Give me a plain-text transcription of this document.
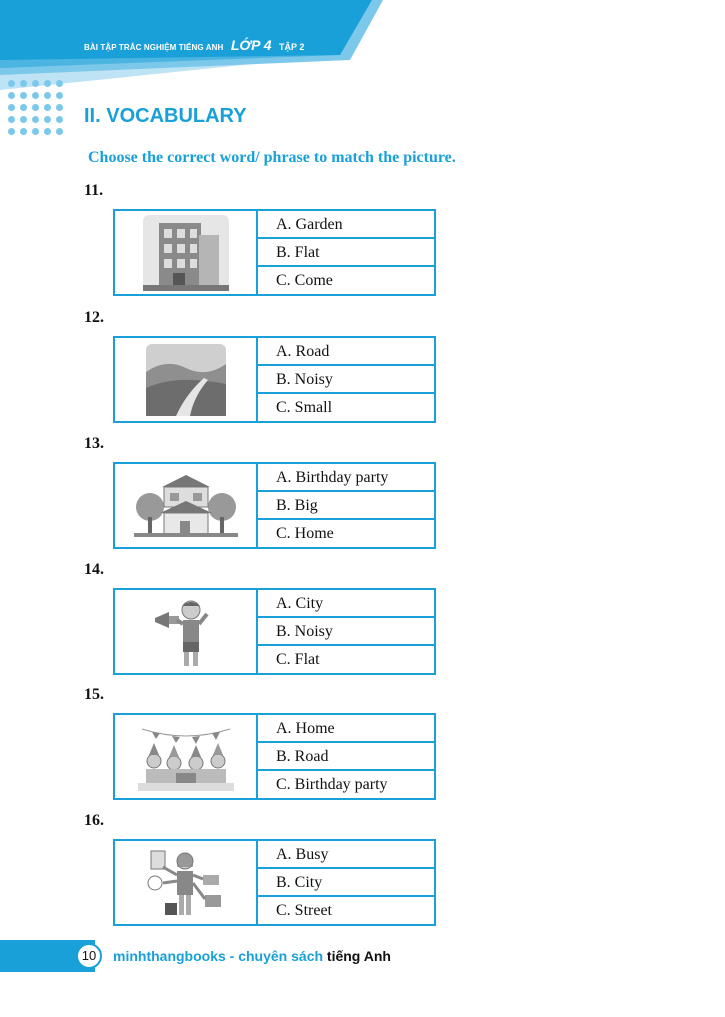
BÀI TẬP TRẮC NGHIỆM TIẾNG ANH LỚP 4 TẬP 2
II. VOCABULARY
Choose the correct word/ phrase to match the picture.
11.
A. Garden
B. Flat
C. Come
12.
A. Road
B. Noisy
C. Small
13.
A. Birthday party
B. Big
C. Home
14.
A. City
B. Noisy
C. Flat
15.
A. Home
B. Road
C. Birthday party
16.
A. Busy
B. City
C. Street
10	minhthangbooks - chuyên sách tiếng Anh
